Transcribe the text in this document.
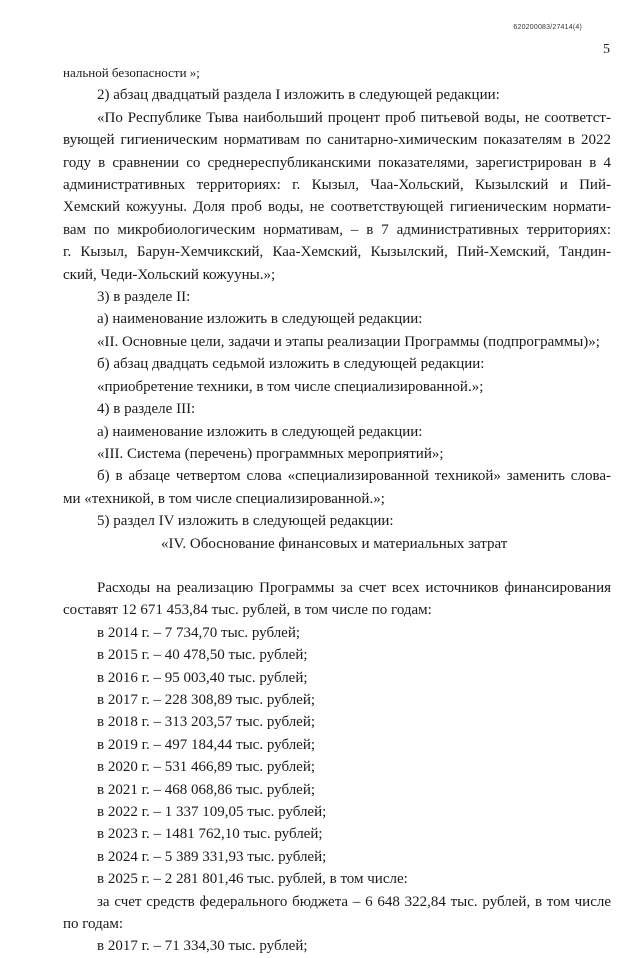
620200083/27414(4)
5
нальной безопасности »;
2) абзац двадцатый раздела I изложить в следующей редакции:
«По Республике Тыва наибольший процент проб питьевой воды, не соответст-
вующей гигиеническим нормативам по санитарно-химическим показателям в 2022
году в сравнении со среднереспубликанскими показателями, зарегистрирован в 4
административных территориях: г. Кызыл, Чаа-Хольский, Кызылский и Пий-
Хемский кожууны. Доля проб воды, не соответствующей гигиеническим нормати-
вам по микробиологическим нормативам, – в 7 административных территориях:
г. Кызыл, Барун-Хемчикский, Каа-Хемский, Кызылский, Пий-Хемский, Тандин-
ский, Чеди-Хольский кожууны.»;
3) в разделе II:
а) наименование изложить в следующей редакции:
«II. Основные цели, задачи и этапы реализации Программы (подпрограммы)»;
б) абзац двадцать седьмой изложить в следующей редакции:
«приобретение техники, в том числе специализированной.»;
4) в разделе III:
а) наименование изложить в следующей редакции:
«III. Система (перечень) программных мероприятий»;
б) в абзаце четвертом слова «специализированной техникой» заменить слова-
ми «техникой, в том числе специализированной.»;
5) раздел IV изложить в следующей редакции:
«IV. Обоснование финансовых и материальных затрат

Расходы на реализацию Программы за счет всех источников финансирования
составят 12 671 453,84 тыс. рублей, в том числе по годам:
в 2014 г. – 7 734,70 тыс. рублей;
в 2015 г. – 40 478,50 тыс. рублей;
в 2016 г. – 95 003,40 тыс. рублей;
в 2017 г. – 228 308,89 тыс. рублей;
в 2018 г. – 313 203,57 тыс. рублей;
в 2019 г. – 497 184,44 тыс. рублей;
в 2020 г. – 531 466,89 тыс. рублей;
в 2021 г. – 468 068,86 тыс. рублей;
в 2022 г. – 1 337 109,05 тыс. рублей;
в 2023 г. – 1481 762,10 тыс. рублей;
в 2024 г. – 5 389 331,93 тыс. рублей;
в 2025 г. – 2 281 801,46 тыс. рублей, в том числе:
за счет средств федерального бюджета – 6 648 322,84 тыс. рублей, в том числе
по годам:
в 2017 г. – 71 334,30 тыс. рублей;
